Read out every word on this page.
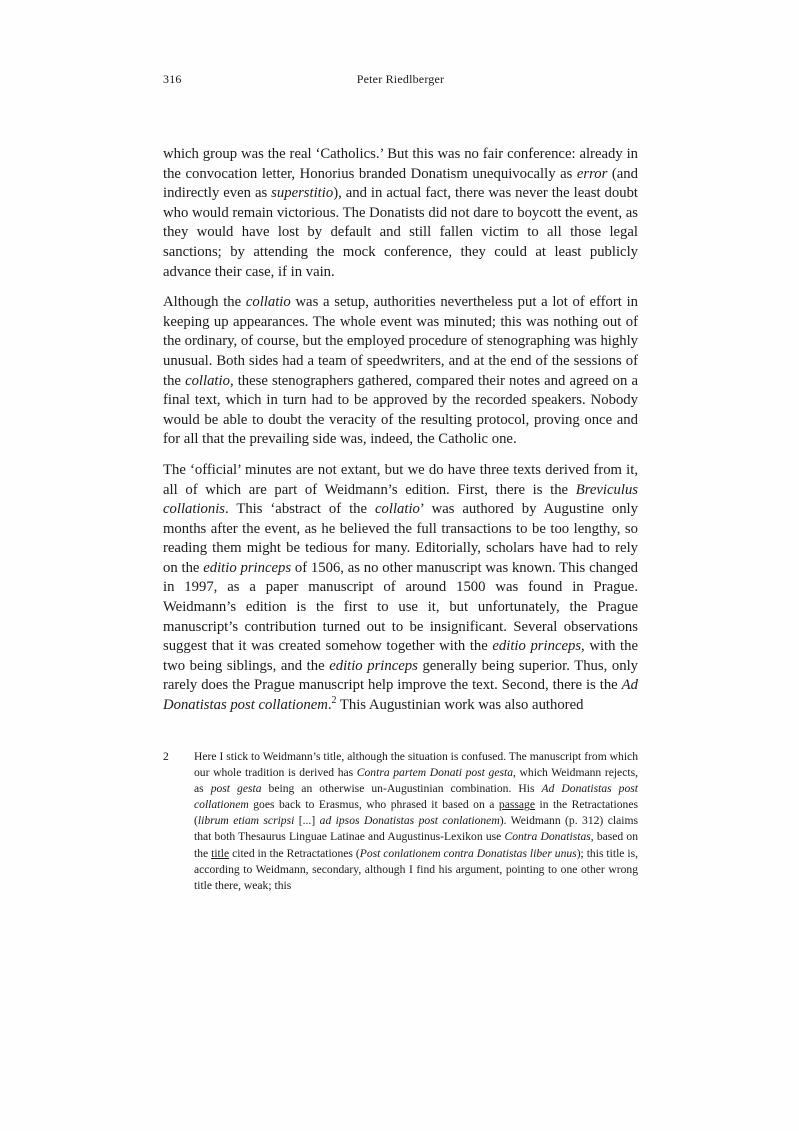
316	Peter Riedlberger

which group was the real ‘Catholics.’ But this was no fair conference: already in the convocation letter, Honorius branded Donatism unequivocally as error (and indirectly even as superstitio), and in actual fact, there was never the least doubt who would remain victorious. The Donatists did not dare to boycott the event, as they would have lost by default and still fallen victim to all those legal sanctions; by attending the mock conference, they could at least publicly advance their case, if in vain.

Although the collatio was a setup, authorities nevertheless put a lot of effort in keeping up appearances. The whole event was minuted; this was nothing out of the ordinary, of course, but the employed procedure of stenographing was highly unusual. Both sides had a team of speedwriters, and at the end of the sessions of the collatio, these stenographers gathered, compared their notes and agreed on a final text, which in turn had to be approved by the recorded speakers. Nobody would be able to doubt the veracity of the resulting protocol, proving once and for all that the prevailing side was, indeed, the Catholic one.

The ‘official’ minutes are not extant, but we do have three texts derived from it, all of which are part of Weidmann’s edition. First, there is the Breviculus collationis. This ‘abstract of the collatio’ was authored by Augustine only months after the event, as he believed the full transactions to be too lengthy, so reading them might be tedious for many. Editorially, scholars have had to rely on the editio princeps of 1506, as no other manuscript was known. This changed in 1997, as a paper manuscript of around 1500 was found in Prague. Weidmann’s edition is the first to use it, but unfortunately, the Prague manuscript’s contribution turned out to be insignificant. Several observations suggest that it was created somehow together with the editio princeps, with the two being siblings, and the editio princeps generally being superior. Thus, only rarely does the Prague manuscript help improve the text. Second, there is the Ad Donatistas post collationem.$^2$ This Augustinian work was also authored

2 Here I stick to Weidmann’s title, although the situation is confused. The manuscript from which our whole tradition is derived has Contra partem Donati post gesta, which Weidmann rejects, as post gesta being an otherwise un-Augustinian combination. His Ad Donatistas post collationem goes back to Erasmus, who phrased it based on a passage in the Retractationes (librum etiam scripsi [...] ad ipsos Donatistas post conlationem). Weidmann (p. 312) claims that both Thesaurus Linguae Latinae and Augustinus-Lexikon use Contra Donatistas, based on the title cited in the Retractationes (Post conlationem contra Donatistas liber unus); this title is, according to Weidmann, secondary, although I find his argument, pointing to one other wrong title there, weak; this
